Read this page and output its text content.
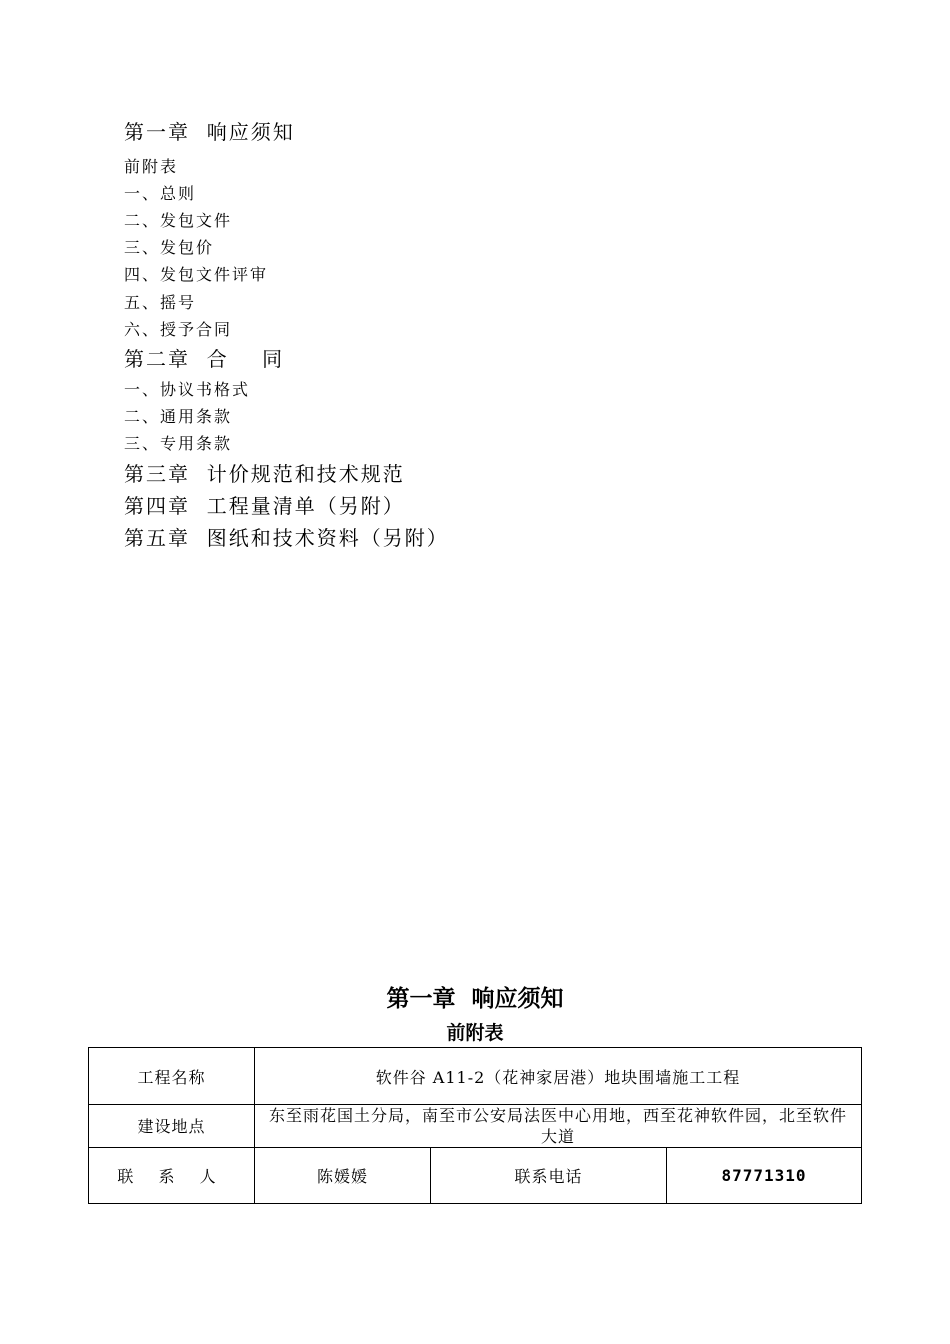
第一章  响应须知
前附表
一、总则
二、发包文件
三、发包价
四、发包文件评审
五、摇号
六、授予合同
第二章  合    同
一、协议书格式
二、通用条款
三、专用条款
第三章  计价规范和技术规范
第四章  工程量清单（另附）
第五章  图纸和技术资料（另附）
第一章  响应须知
前附表
工程名称	软件谷 A11-2（花神家居港）地块围墙施工工程		
建设地点	东至雨花国土分局，南至市公安局法医中心用地，西至花神软件园，北至软件大道		
联 系 人	陈媛媛	联系电话	87771310
